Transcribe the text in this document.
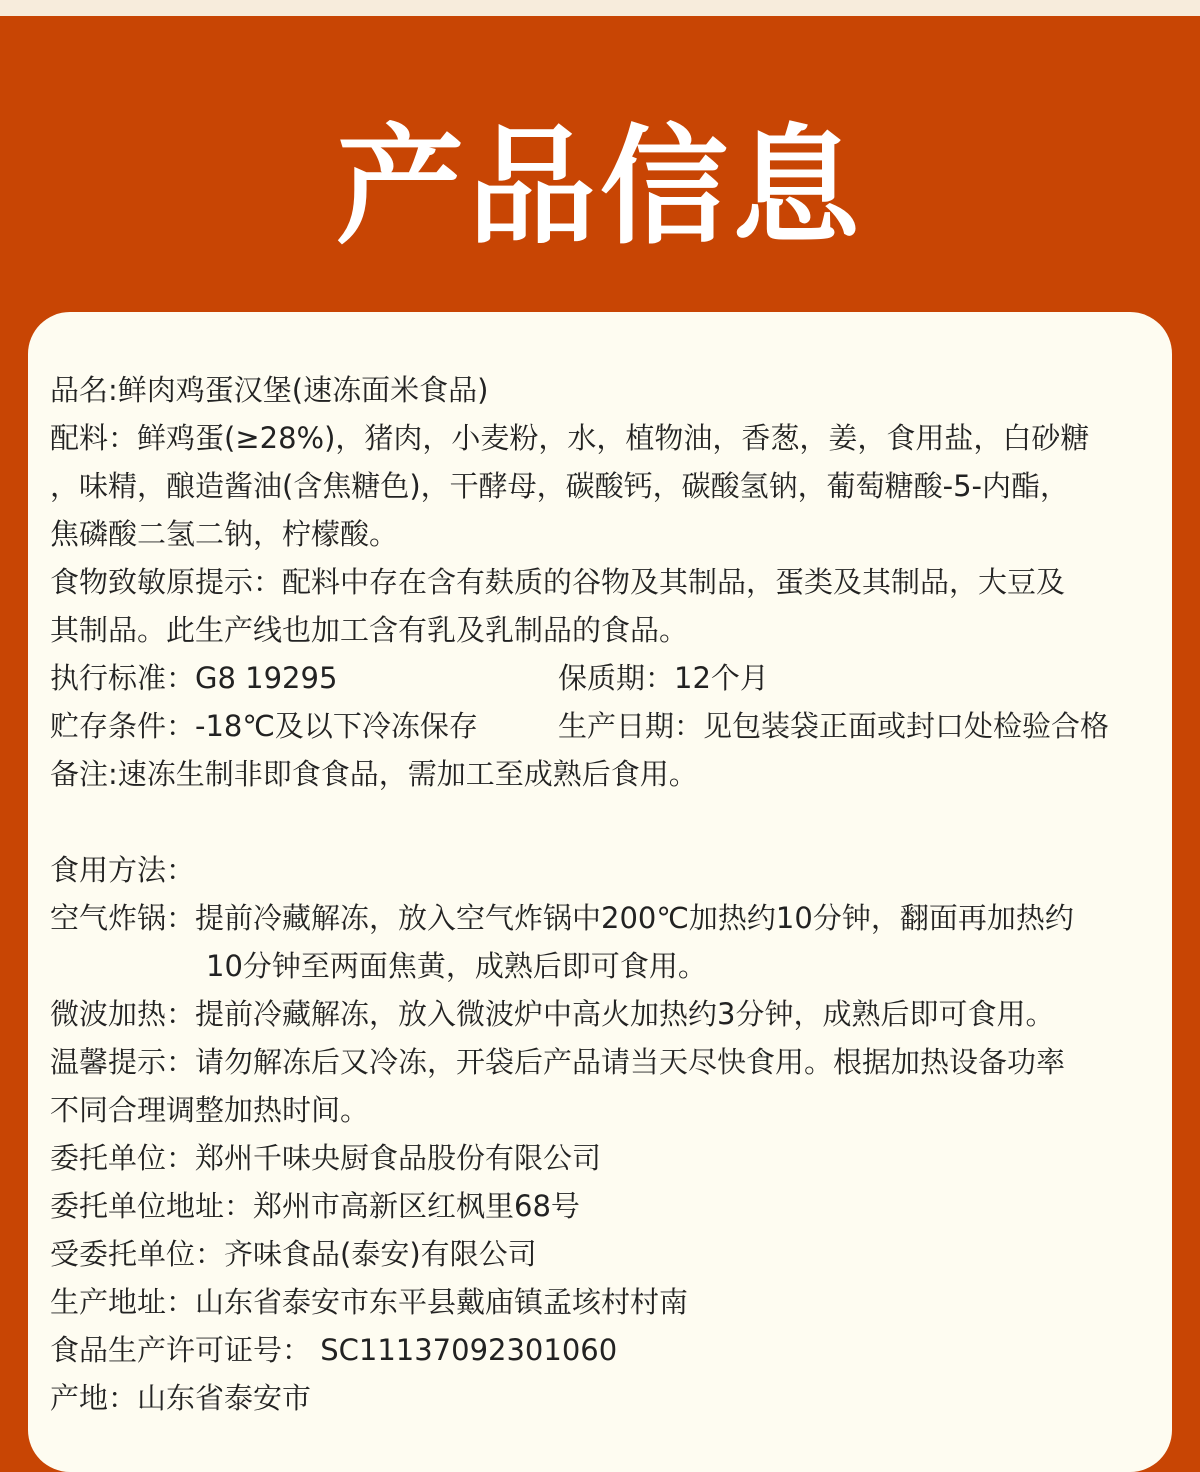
产品信息
品名:鲜肉鸡蛋汉堡(速冻面米食品)
配料：鲜鸡蛋(≥28%)，猪肉，小麦粉，水，植物油，香葱，姜，食用盐，白砂糖
，味精，酿造酱油(含焦糖色)，干酵母，碳酸钙，碳酸氢钠，葡萄糖酸-5-内酯，
焦磷酸二氢二钠，柠檬酸。
食物致敏原提示：配料中存在含有麸质的谷物及其制品，蛋类及其制品，大豆及
其制品。此生产线也加工含有乳及乳制品的食品。
执行标准：G8 19295	保质期：12个月
贮存条件：-18℃及以下冷冻保存	生产日期：见包装袋正面或封口处检验合格
备注:速冻生制非即食食品，需加工至成熟后食用。
食用方法：
空气炸锅：提前冷藏解冻，放入空气炸锅中200℃加热约10分钟，翻面再加热约
10分钟至两面焦黄，成熟后即可食用。
微波加热：提前冷藏解冻，放入微波炉中高火加热约3分钟，成熟后即可食用。
温馨提示：请勿解冻后又冷冻，开袋后产品请当天尽快食用。根据加热设备功率
不同合理调整加热时间。
委托单位：郑州千味央厨食品股份有限公司
委托单位地址：郑州市高新区红枫里68号
受委托单位：齐味食品(泰安)有限公司
生产地址：山东省泰安市东平县戴庙镇孟垓村村南
食品生产许可证号： SC11137092301060
产地：山东省泰安市
